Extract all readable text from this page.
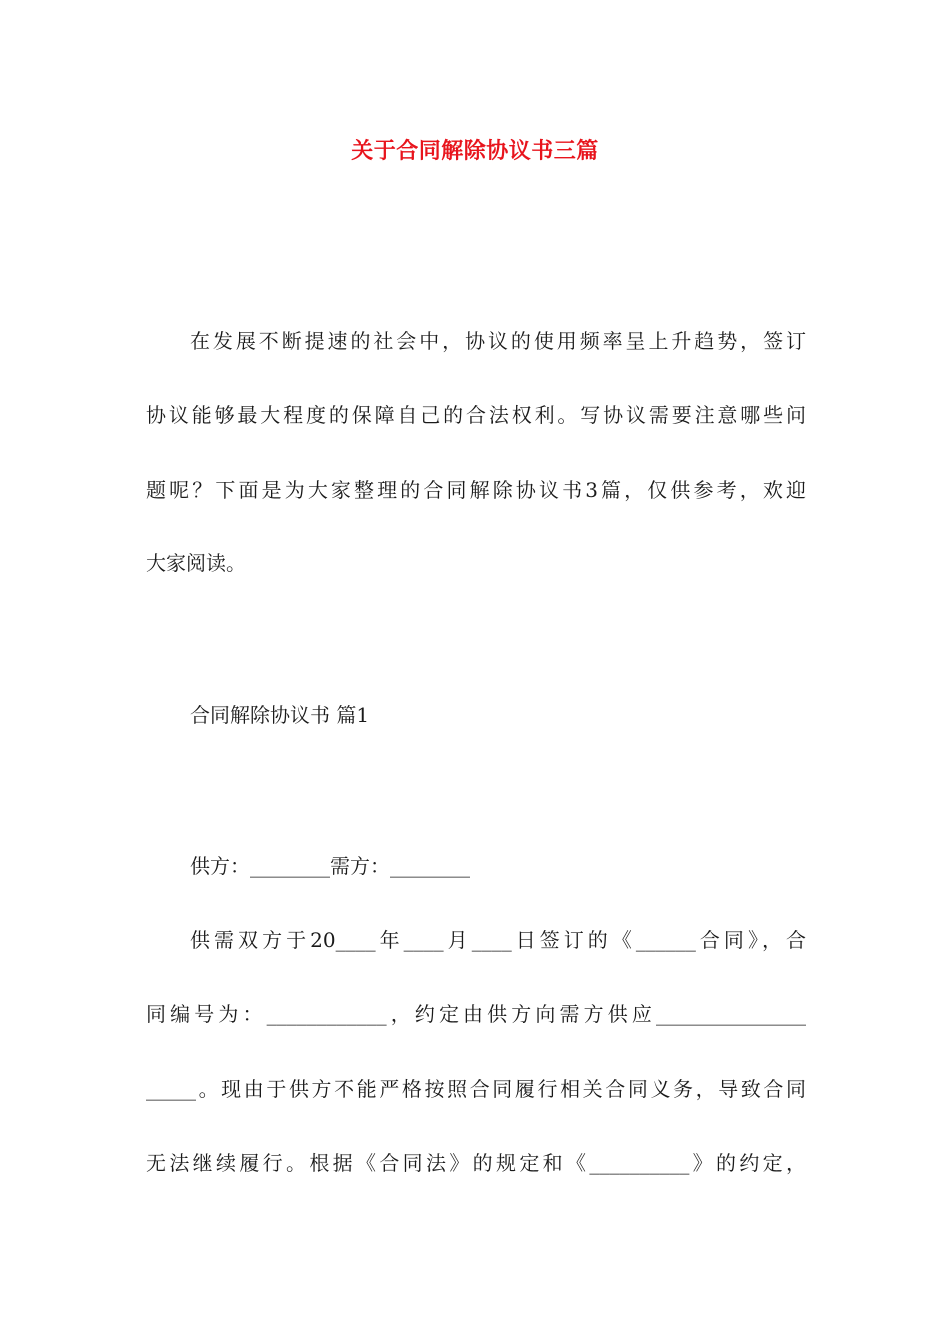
关于合同解除协议书三篇
在发展不断提速的社会中，协议的使用频率呈上升趋势，签订
协议能够最大程度的保障自己的合法权利。写协议需要注意哪些问
题呢？下面是为大家整理的合同解除协议书3篇，仅供参考，欢迎
大家阅读。
合同解除协议书 篇1
供方：________需方：________
供需双方于20____年____月____日签订的《______合同》，合
同编号为：____________，约定由供方向需方供应_______________
_____。现由于供方不能严格按照合同履行相关合同义务，导致合同
无法继续履行。根据《合同法》的规定和《__________》的约定，
